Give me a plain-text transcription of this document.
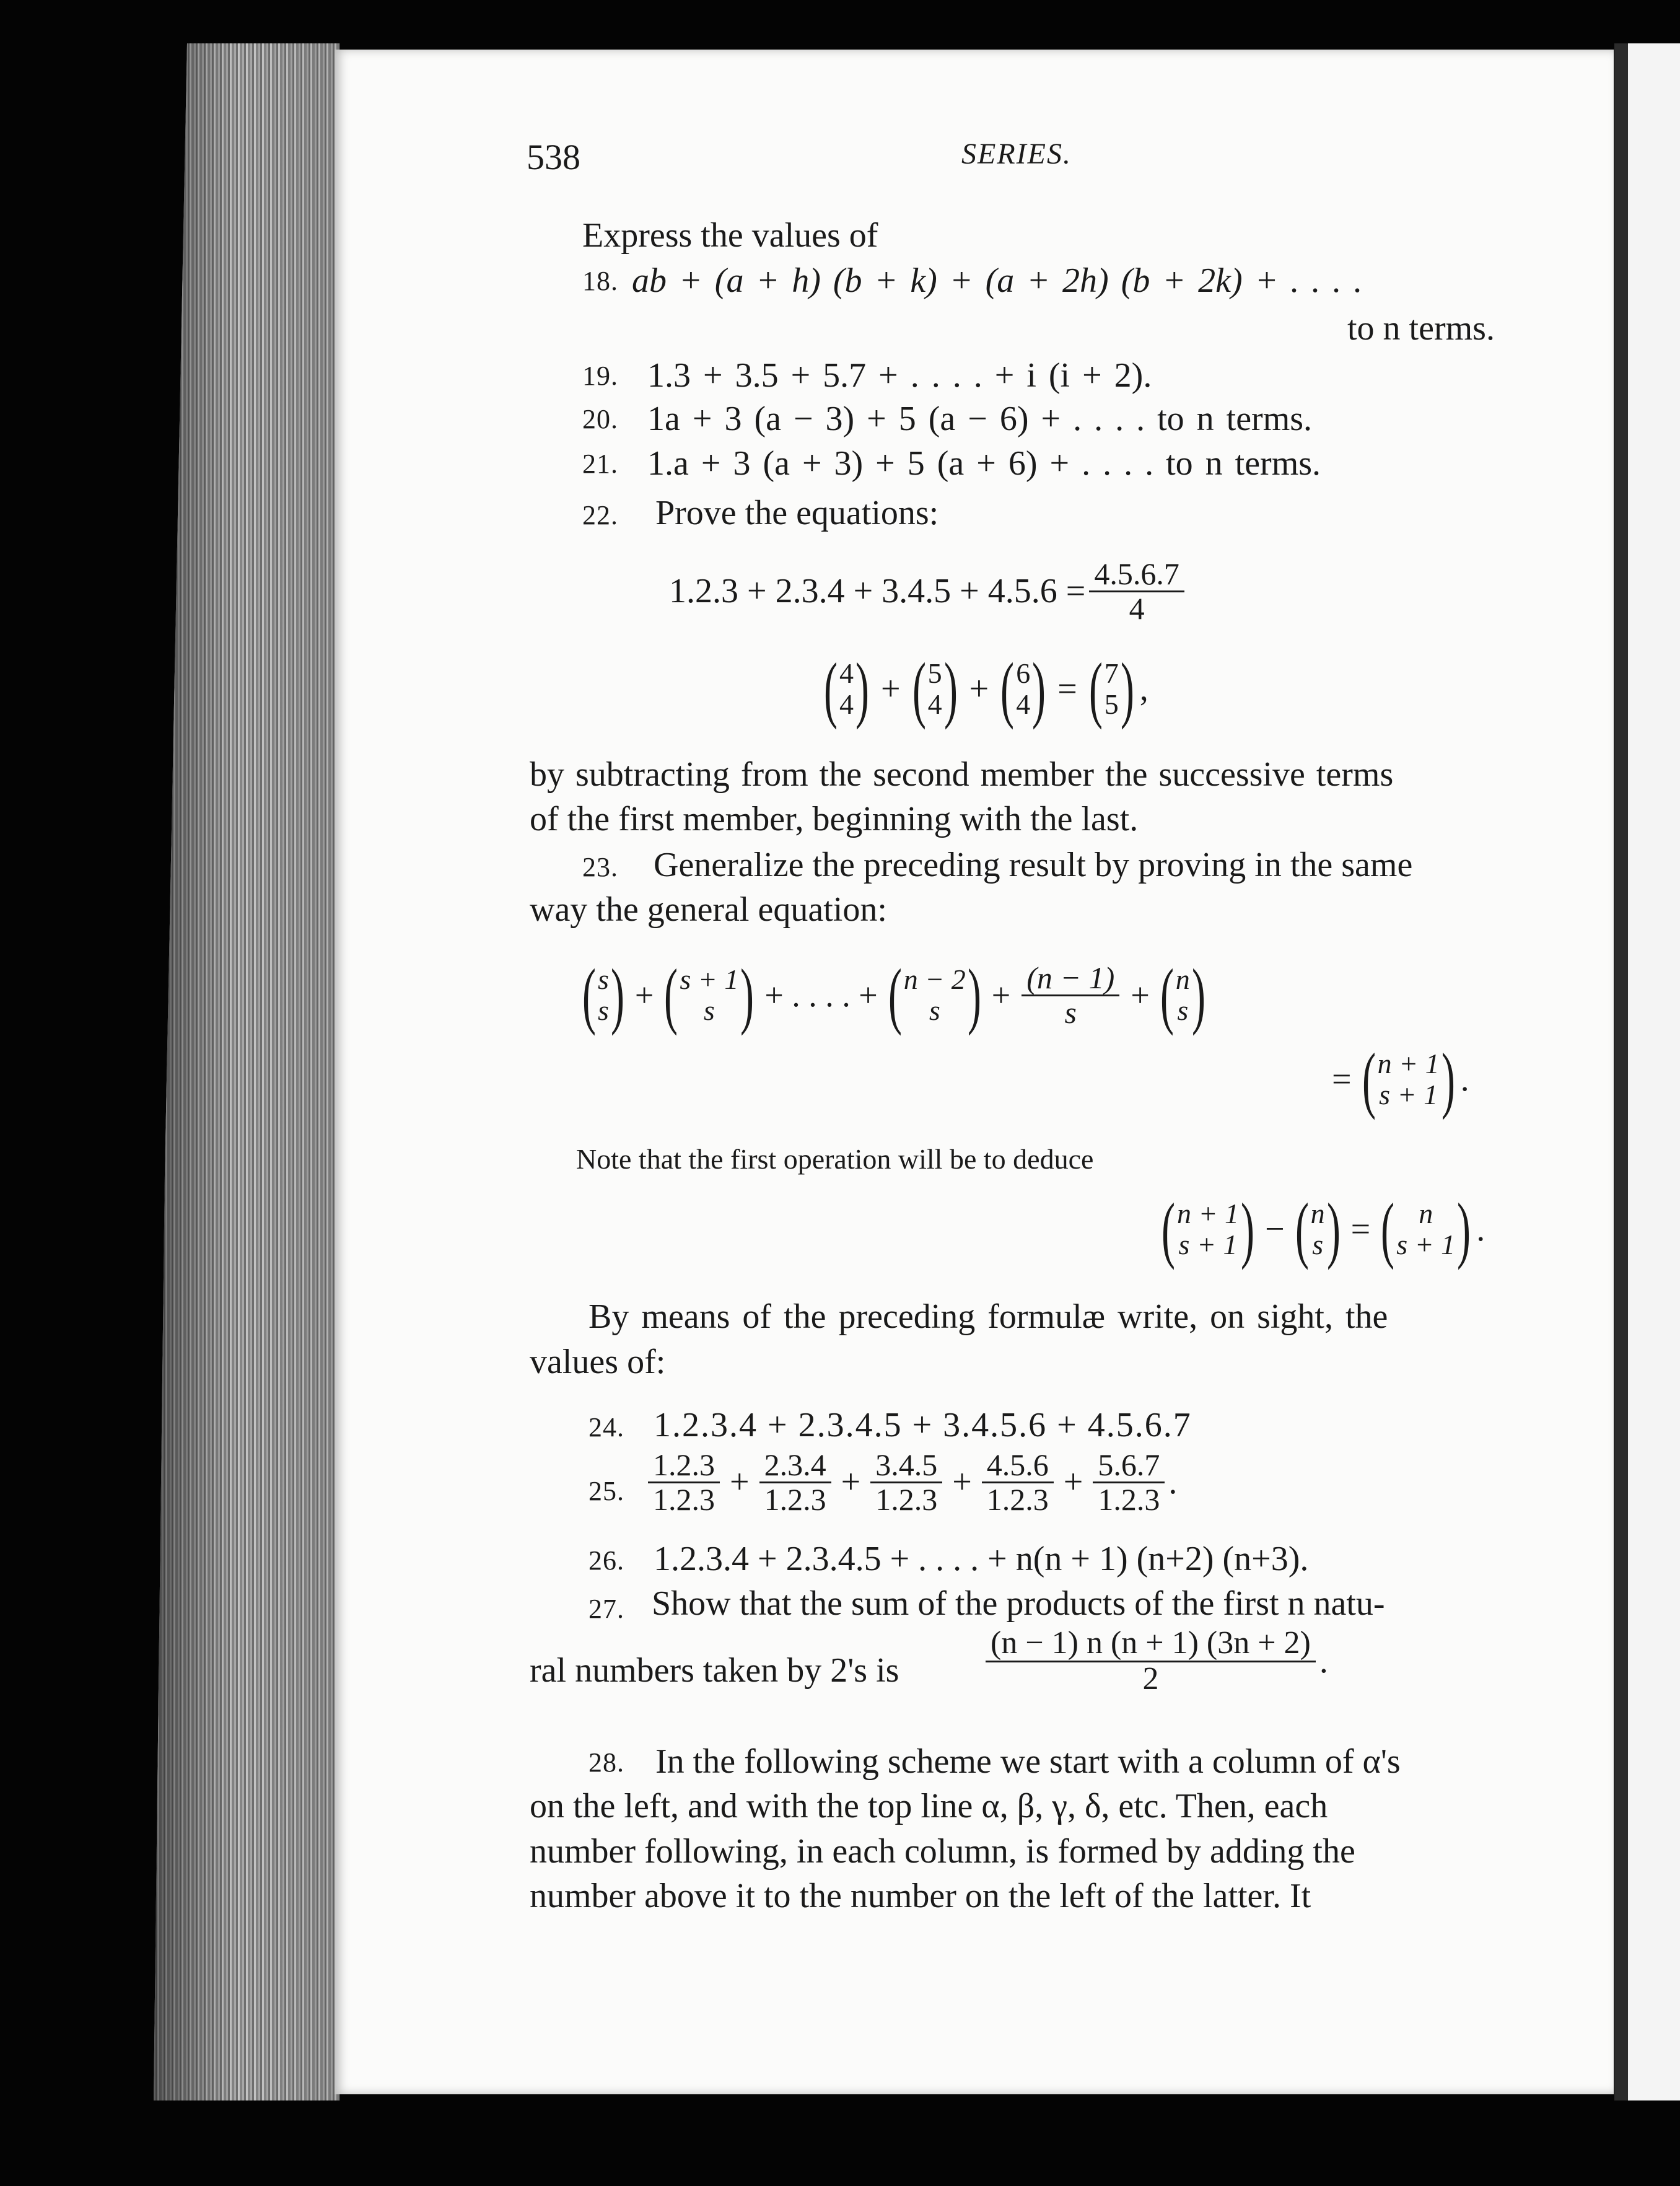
538	SERIES.
Express the values of
18. ab + (a + h) (b + k) + (a + 2h) (b + 2k) + . . . .
to n terms.
19. 1.3 + 3.5 + 5.7 + . . . . + i (i + 2).
20. 1a + 3 (a − 3) + 5 (a − 6) + . . . . to n terms.
21. 1.a + 3 (a + 3) + 5 (a + 6) + . . . . to n terms.
22. Prove the equations:
$1.2.3 + 2.3.4 + 3.4.5 + 4.5.6 = \frac{4.5.6.7}{4}$
( 4
4
) + ( 5
4
) + ( 6
4
) = ( 7
5
) ,
by subtracting from the second member the successive terms
of the first member, beginning with the last.
23. Generalize the preceding result by proving in the same
way the general equation:
( s
s
) + ( s + 1
s
)	+ . . . . + ( n − 2
s
)	+ $\frac{(n - 1)}{s}$ + ( n
s
)
= ( n + 1
s + 1
) .
Note that the first operation will be to deduce
( n + 1
s + 1
) − ( n
s
) =	( n
s + 1
) .
By means of the preceding formulæ write, on sight, the
values of:
24. 1.2.3.4 + 2.3.4.5 + 3.4.5.6 + 4.5.6.7
25. $\frac{1.2.3}{1.2.3} + \frac{2.3.4}{1.2.3} + \frac{3.4.5}{1.2.3} + \frac{4.5.6}{1.2.3} + \frac{5.6.7}{1.2.3}$ .
26. 1.2.3.4 + 2.3.4.5 + . . . . + n(n + 1) (n+2) (n+3).
27. Show that the sum of the products of the first n natu-
ral numbers taken by 2's is	$\frac{(n - 1) n (n + 1) (3n + 2)}{2}$ .
28. In the following scheme we start with a column of α's
on the left, and with the top line α, β, γ, δ, etc. Then, each
number following, in each column, is formed by adding the
number above it to the number on the left of the latter. It
